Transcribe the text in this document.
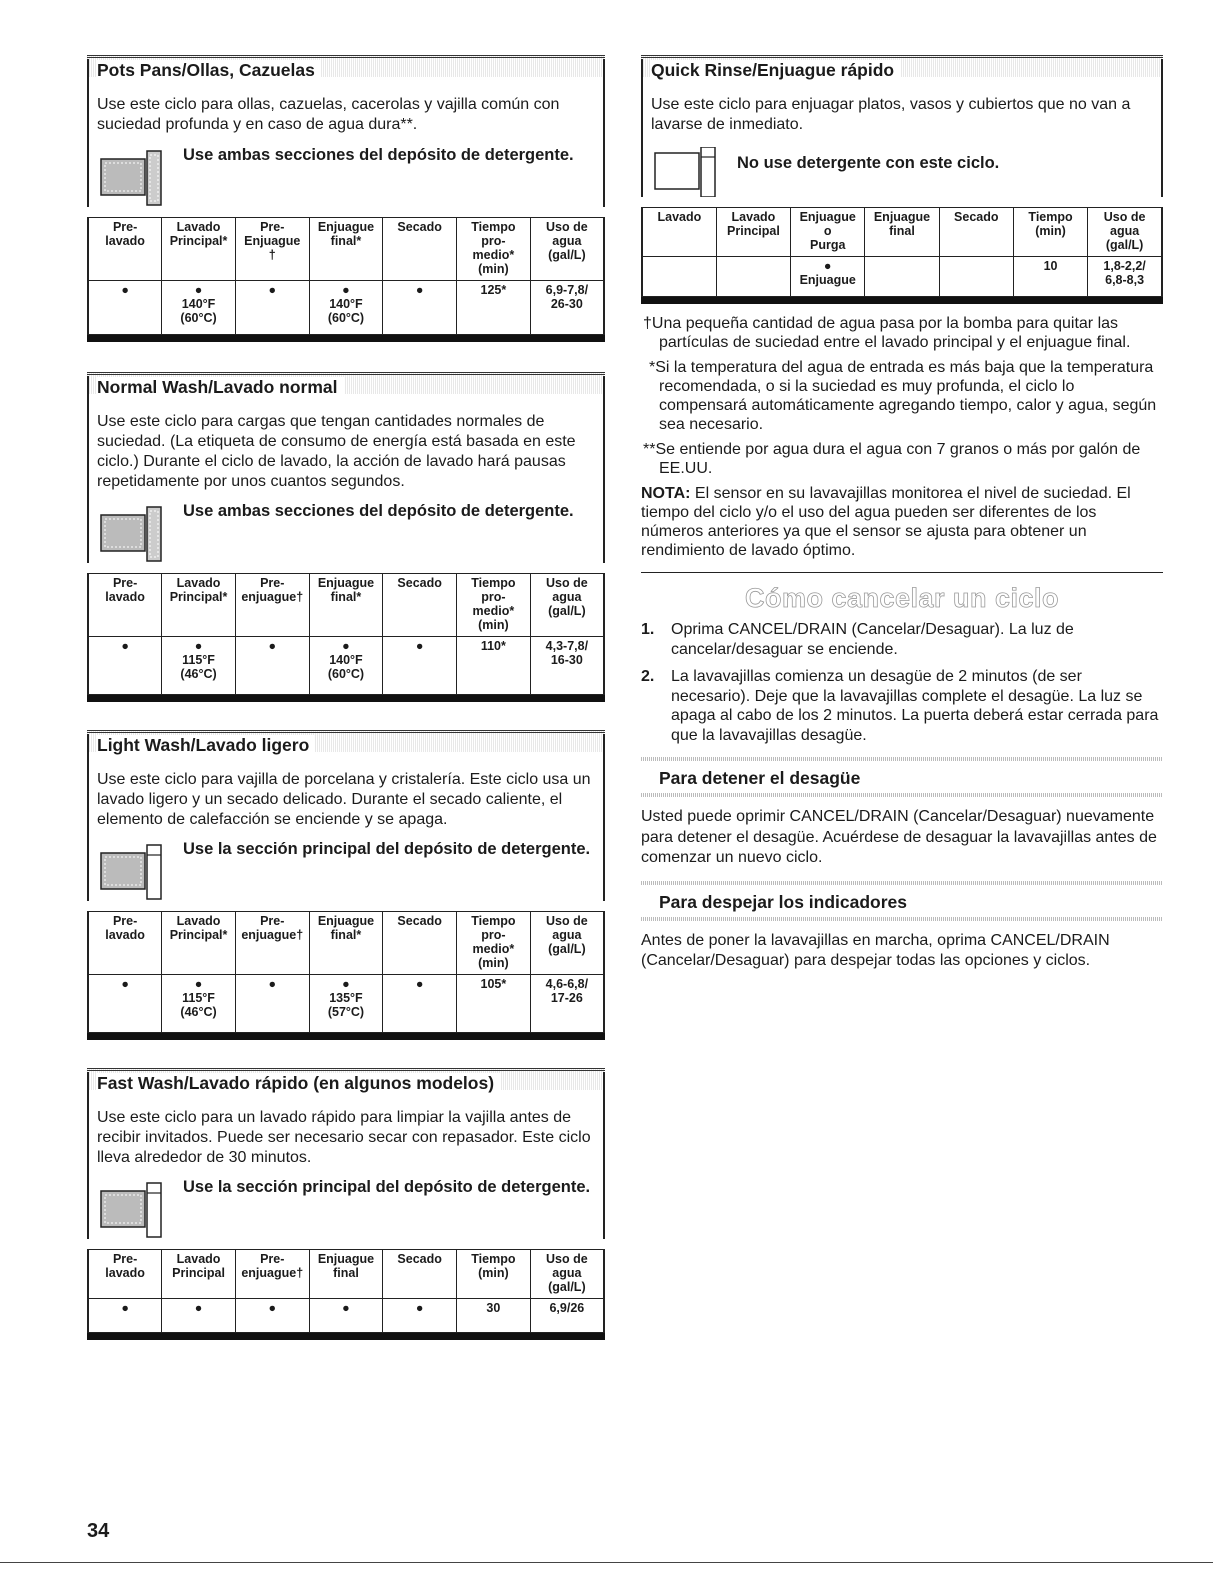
Pots Pans/Ollas, Cazuelas

Use este ciclo para ollas, cazuelas, cacerolas y vajilla común con suciedad profunda y en caso de agua dura**.

Use ambas secciones del depósito de detergente.
Pre-
lavado	Lavado
Principal*	Pre-
Enjuague
†	Enjuague
final*	Secado	Tiempo
pro-
medio*
(min)	Uso de
agua
(gal/L)
●	●
140°F
(60°C)	●	●
140°F
(60°C)	●	125*	6,9-7,8/
26-30
Normal Wash/Lavado normal

Use este ciclo para cargas que tengan cantidades normales de suciedad. (La etiqueta de consumo de energía está basada en este ciclo.) Durante el ciclo de lavado, la acción de lavado hará pausas repetidamente por unos cuantos segundos.

Use ambas secciones del depósito de detergente.
Pre-
lavado	Lavado
Principal*	Pre-
enjuague†	Enjuague
final*	Secado	Tiempo
pro-
medio*
(min)	Uso de
agua
(gal/L)
●	●
115°F
(46°C)	●	●
140°F
(60°C)	●	110*	4,3-7,8/
16-30
Light Wash/Lavado ligero

Use este ciclo para vajilla de porcelana y cristalería. Este ciclo usa un lavado ligero y un secado delicado. Durante el secado caliente, el elemento de calefacción se enciende y se apaga.

Use la sección principal del depósito de detergente.
Pre-
lavado	Lavado
Principal*	Pre-
enjuague†	Enjuague
final*	Secado	Tiempo
pro-
medio*
(min)	Uso de
agua
(gal/L)
●	●
115°F
(46°C)	●	●
135°F
(57°C)	●	105*	4,6-6,8/
17-26
Fast Wash/Lavado rápido (en algunos modelos)

Use este ciclo para un lavado rápido para limpiar la vajilla antes de recibir invitados. Puede ser necesario secar con repasador. Este ciclo lleva alrededor de 30 minutos.

Use la sección principal del depósito de detergente.
Pre-
lavado	Lavado
Principal	Pre-
enjuague†	Enjuague
final	Secado	Tiempo
(min)	Uso de
agua
(gal/L)
●	●	●	●	●	30	6,9/26
Quick Rinse/Enjuague rápido

Use este ciclo para enjuagar platos, vasos y cubiertos que no van a lavarse de inmediato.

No use detergente con este ciclo.
Lavado	Lavado
Principal	Enjuague
o
Purga	Enjuague
final	Secado	Tiempo
(min)	Uso de
agua
(gal/L)
		●
Enjuague			10	1,8-2,2/
6,8-8,3

†Una pequeña cantidad de agua pasa por la bomba para quitar las partículas de suciedad entre el lavado principal y el enjuague final.

*Si la temperatura del agua de entrada es más baja que la temperatura recomendada, o si la suciedad es muy profunda, el ciclo lo compensará automáticamente agregando tiempo, calor y agua, según sea necesario.

**Se entiende por agua dura el agua con 7 granos o más por galón de EE.UU.

NOTA: El sensor en su lavavajillas monitorea el nivel de suciedad. El tiempo del ciclo y/o el uso del agua pueden ser diferentes de los números anteriores ya que el sensor se ajusta para obtener un rendimiento de lavado óptimo.

Cómo cancelar un ciclo
1. Oprima CANCEL/DRAIN (Cancelar/Desaguar). La luz de cancelar/desaguar se enciende.
2. La lavavajillas comienza un desagüe de 2 minutos (de ser necesario). Deje que la lavavajillas complete el desagüe. La luz se apaga al cabo de los 2 minutos. La puerta deberá estar cerrada para que la lavavajillas desagüe.
Para detener el desagüe

Usted puede oprimir CANCEL/DRAIN (Cancelar/Desaguar) nuevamente para detener el desagüe. Acuérdese de desaguar la lavavajillas antes de comenzar un nuevo ciclo.

Para despejar los indicadores

Antes de poner la lavavajillas en marcha, oprima CANCEL/DRAIN (Cancelar/Desaguar) para despejar todas las opciones y ciclos.

34
